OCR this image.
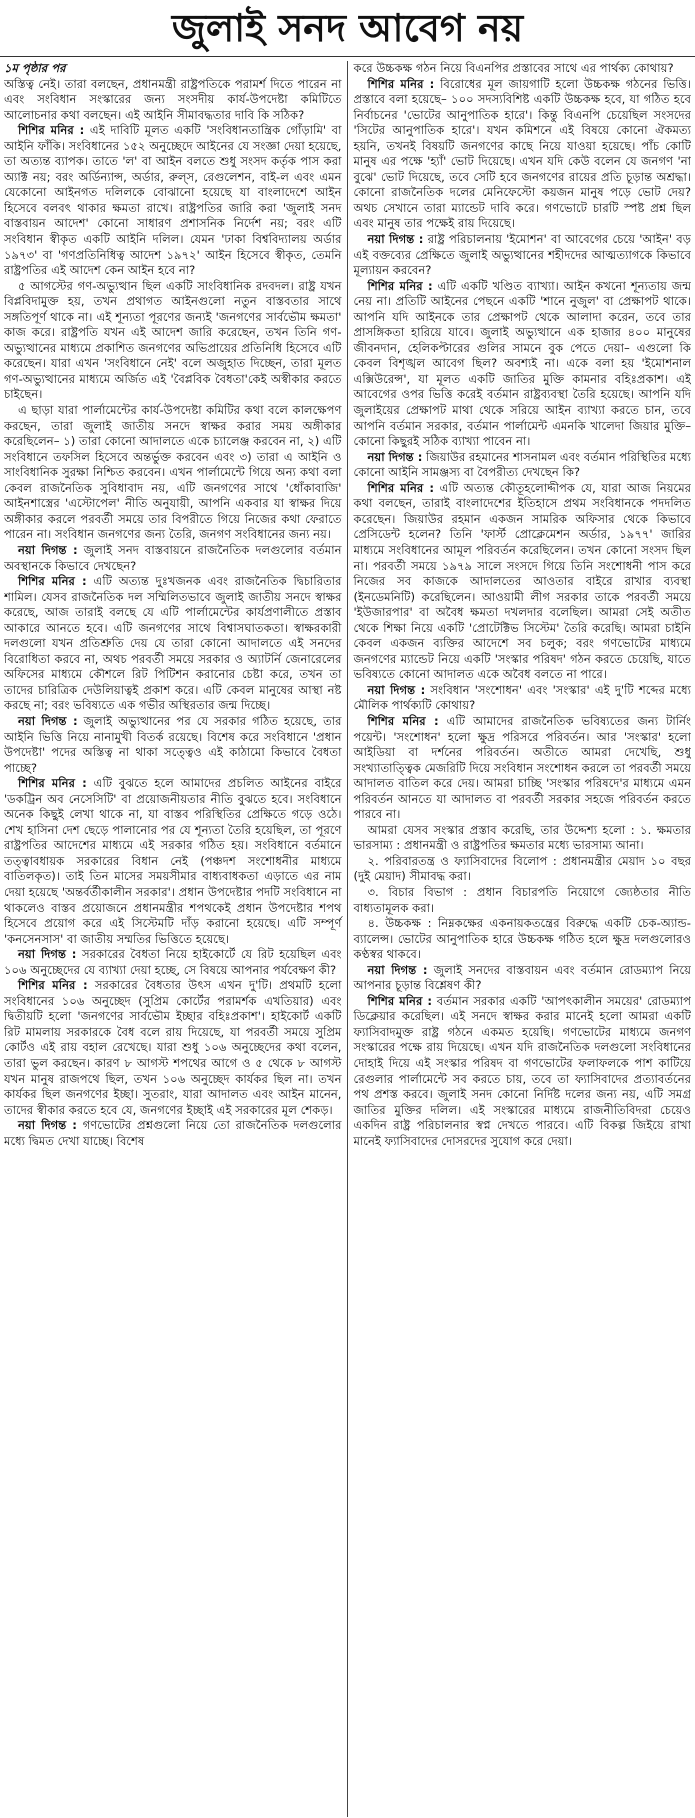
জুলাই সনদ আবেগ নয়
১ম পৃষ্ঠার পর

অস্তিত্ব নেই। তারা বলছেন, প্রধানমন্ত্রী রাষ্ট্রপতিকে পরামর্শ দিতে পারেন না এবং সংবিধান সংস্কারের জন্য সংসদীয় কার্য-উপদেষ্টা কমিটিতে আলোচনার কথা বলছেন। এই আইনি সীমাবদ্ধতার দাবি কি সঠিক?

শিশির মনির : এই দাবিটি মূলত একটি 'সংবিধানতান্ত্রিক গোঁড়ামি' বা আইনি ফাঁকি। সংবিধানের ১৫২ অনুচ্ছেদে আইনের যে সংজ্ঞা দেয়া হয়েছে, তা অত্যন্ত ব্যাপক। তাতে 'ল' বা আইন বলতে শুধু সংসদ কর্তৃক পাস করা অ্যাক্ট নয়; বরং অর্ডিন্যান্স, অর্ডার, রুল্স, রেগুলেশন, বাই-ল এবং এমন যেকোনো আইনগত দলিলকে বোঝানো হয়েছে যা বাংলাদেশে আইন হিসেবে বলবৎ থাকার ক্ষমতা রাখে। রাষ্ট্রপতির জারি করা 'জুলাই সনদ বাস্তবায়ন আদেশ' কোনো সাধারণ প্রশাসনিক নির্দেশ নয়; বরং এটি সংবিধান স্বীকৃত একটি আইনি দলিল। যেমন 'ঢাকা বিশ্ববিদ্যালয় অর্ডার ১৯৭৩' বা 'গণপ্রতিনিধিত্ব আদেশ ১৯৭২' আইন হিসেবে স্বীকৃত, তেমনি রাষ্ট্রপতির এই আদেশ কেন আইন হবে না?

৫ আগস্টের গণ-অভ্যুত্থান ছিল একটি সাংবিধানিক রদবদল। রাষ্ট্র যখন বিপ্লবিদামুক্ত হয়, তখন প্রথাগত আইনগুলো নতুন বাস্তবতার সাথে সঙ্গতিপূর্ণ থাকে না। এই শূন্যতা পূরণের জন্যই 'জনগণের সার্বভৌম ক্ষমতা' কাজ করে। রাষ্ট্রপতি যখন এই আদেশ জারি করেছেন, তখন তিনি গণ-অভ্যুত্থানের মাধ্যমে প্রকাশিত জনগণের অভিপ্রায়ের প্রতিনিধি হিসেবে এটি করেছেন। যারা এখন 'সংবিধানে নেই' বলে অজুহাত দিচ্ছেন, তারা মূলত গণ-অভ্যুত্থানের মাধ্যমে অর্জিত এই 'বৈপ্লবিক বৈধতা'কেই অস্বীকার করতে চাইছেন।

এ ছাড়া যারা পার্লামেন্টের কার্য-উপদেষ্টা কমিটির কথা বলে কালক্ষেপণ করছেন, তারা জুলাই জাতীয় সনদে স্বাক্ষর করার সময় অঙ্গীকার করেছিলেন– ১) তারা কোনো আদালতে একে চ্যালেঞ্জ করবেন না, ২) এটি সংবিধানে তফসিল হিসেবে অন্তর্ভুক্ত করবেন এবং ৩) তারা এ আইনি ও সাংবিধানিক সুরক্ষা নিশ্চিত করবেন। এখন পার্লামেন্টে গিয়ে অন্য কথা বলা কেবল রাজনৈতিক সুবিধাবাদ নয়, এটি জনগণের সাথে 'ধোঁকাবাজি' আইনশাস্ত্রের 'এস্টোপেল' নীতি অনুযায়ী, আপনি একবার যা স্বাক্ষর দিয়ে অঙ্গীকার করলে পরবর্তী সময়ে তার বিপরীতে গিয়ে নিজের কথা ফেরাতে পারেন না। সংবিধান জনগণের জন্য তৈরি, জনগণ সংবিধানের জন্য নয়।

নয়া দিগন্ত : জুলাই সনদ বাস্তবায়নে রাজনৈতিক দলগুলোর বর্তমান অবস্থানকে কিভাবে দেখছেন?

শিশির মনির : এটি অত্যন্ত দুঃখজনক এবং রাজনৈতিক দ্বিচারিতার শামিল। যেসব রাজনৈতিক দল সম্মিলিতভাবে জুলাই জাতীয় সনদে স্বাক্ষর করেছে, আজ তারাই বলছে যে এটি পার্লামেন্টের কার্যপ্রণালীতে প্রস্তাব আকারে আনতে হবে। এটি জনগণের সাথে বিশ্বাসঘাতকতা। স্বাক্ষরকারী দলগুলো যখন প্রতিশ্রুতি দেয় যে তারা কোনো আদালতে এই সনদের বিরোধিতা করবে না, অথচ পরবর্তী সময়ে সরকার ও অ্যাটর্নি জেনারেলের অফিসের মাধ্যমে কৌশলে রিট পিটিশন করানোর চেষ্টা করে, তখন তা তাদের চারিত্রিক দেউলিয়াত্বই প্রকাশ করে। এটি কেবল মানুষের আস্থা নষ্ট করছে না; বরং ভবিষ্যতে এক গভীর অস্থিরতার জন্ম দিচ্ছে।

নয়া দিগন্ত : জুলাই অভ্যুত্থানের পর যে সরকার গঠিত হয়েছে, তার আইনি ভিত্তি নিয়ে নানামুখী বিতর্ক রয়েছে। বিশেষ করে সংবিধানে 'প্রধান উপদেষ্টা' পদের অস্তিত্ব না থাকা সত্ত্বেও এই কাঠামো কিভাবে বৈধতা পাচ্ছে?

শিশির মনির : এটি বুঝতে হলে আমাদের প্রচলিত আইনের বাইরে 'ডকট্রিন অব নেসেসিটি' বা প্রয়োজনীয়তার নীতি বুঝতে হবে। সংবিধানে অনেক কিছুই লেখা থাকে না, যা বাস্তব পরিস্থিতির প্রেক্ষিতে গড়ে ওঠে। শেখ হাসিনা দেশ ছেড়ে পালানোর পর যে শূন্যতা তৈরি হয়েছিল, তা পূরণে রাষ্ট্রপতির আদেশের মাধ্যমে এই সরকার গঠিত হয়। সংবিধানে বর্তমানে তত্ত্বাবধায়ক সরকারের বিধান নেই (পঞ্চদশ সংশোধনীর মাধ্যমে বাতিলকৃত)। তাই তিন মাসের সময়সীমার বাধ্যবাধকতা এড়াতে এর নাম দেয়া হয়েছে 'অন্তর্বর্তীকালীন সরকার'। প্রধান উপদেষ্টার পদটি সংবিধানে না থাকলেও বাস্তব প্রয়োজনে প্রধানমন্ত্রীর শপথকেই প্রধান উপদেষ্টার শপথ হিসেবে প্রয়োগ করে এই সিস্টেমটি দাঁড় করানো হয়েছে। এটি সম্পূর্ণ 'কনসেনসাস' বা জাতীয় সম্মতির ভিত্তিতে হয়েছে।

নয়া দিগন্ত : সরকারের বৈধতা নিয়ে হাইকোর্টে যে রিট হয়েছিল এবং ১০৬ অনুচ্ছেদের যে ব্যাখ্যা দেয়া হচ্ছে, সে বিষয়ে আপনার পর্যবেক্ষণ কী?

শিশির মনির : সরকারের বৈধতার উৎস এখন দু'টি। প্রথমটি হলো সংবিধানের ১০৬ অনুচ্ছেদ (সুপ্রিম কোর্টের পরামর্শক এখতিয়ার) এবং দ্বিতীয়টি হলো 'জনগণের সার্বভৌম ইচ্ছার বহিঃপ্রকাশ'। হাইকোর্ট একটি রিট মামলায় সরকারকে বৈধ বলে রায় দিয়েছে, যা পরবর্তী সময়ে সুপ্রিম কোর্টও এই রায় বহাল রেখেছে। যারা শুধু ১০৬ অনুচ্ছেদের কথা বলেন, তারা ভুল করছেন। কারণ ৮ আগস্ট শপথের আগে ও ৫ থেকে ৮ আগস্ট যখন মানুষ রাজপথে ছিল, তখন ১০৬ অনুচ্ছেদ কার্যকর ছিল না। তখন কার্যকর ছিল জনগণের ইচ্ছা। সুতরাং, যারা আদালত এবং আইন মানেন, তাদের স্বীকার করতে হবে যে, জনগণের ইচ্ছাই এই সরকারের মূল শেকড়।

নয়া দিগন্ত : গণভোটের প্রশ্নগুলো নিয়ে তো রাজনৈতিক দলগুলোর মধ্যে দ্বিমত দেখা যাচ্ছে। বিশেষ

করে উচ্চকক্ষ গঠন নিয়ে বিএনপির প্রস্তাবের সাথে এর পার্থক্য কোথায়?

শিশির মনির : বিরোধের মূল জায়গাটি হলো উচ্চকক্ষ গঠনের ভিত্তি। প্রস্তাবে বলা হয়েছে– ১০০ সদস্যবিশিষ্ট একটি উচ্চকক্ষ হবে, যা গঠিত হবে নির্বাচনের 'ভোটের আনুপাতিক হারে'। কিন্তু বিএনপি চেয়েছিল সংসদের 'সিটের আনুপাতিক হারে'। যখন কমিশনে এই বিষয়ে কোনো ঐকমত্য হয়নি, তখনই বিষয়টি জনগণের কাছে নিয়ে যাওয়া হয়েছে। পাঁচ কোটি মানুষ এর পক্ষে 'হ্যাঁ' ভোট দিয়েছে। এখন যদি কেউ বলেন যে জনগণ 'না বুঝে' ভোট দিয়েছে, তবে সেটি হবে জনগণের রায়ের প্রতি চূড়ান্ত অশ্রদ্ধা। কোনো রাজনৈতিক দলের মেনিফেস্টো কয়জন মানুষ পড়ে ভোট দেয়? অথচ সেখানে তারা ম্যান্ডেট দাবি করে। গণভোটে চারটি স্পষ্ট প্রশ্ন ছিল এবং মানুষ তার পক্ষেই রায় দিয়েছে।

নয়া দিগন্ত : রাষ্ট্র পরিচালনায় 'ইমোশন' বা আবেগের চেয়ে 'আইন' বড় এই বক্তব্যের প্রেক্ষিতে জুলাই অভ্যুত্থানের শহীদদের আত্মত্যাগকে কিভাবে মূল্যায়ন করবেন?

শিশির মনির : এটি একটি খণ্ডিত ব্যাখ্যা। আইন কখনো শূন্যতায় জন্ম নেয় না। প্রতিটি আইনের পেছনে একটি 'শানে নুজুল' বা প্রেক্ষাপট থাকে। আপনি যদি আইনকে তার প্রেক্ষাপট থেকে আলাদা করেন, তবে তার প্রাসঙ্গিকতা হারিয়ে যাবে। জুলাই অভ্যুত্থানে এক হাজার ৪০০ মানুষের জীবনদান, হেলিকপ্টারের গুলির সামনে বুক পেতে দেয়া– এগুলো কি কেবল বিশৃঙ্খল আবেগ ছিল? অবশ্যই না। একে বলা হয় 'ইমোশনাল এক্সিউরেন্স', যা মূলত একটি জাতির মুক্তি কামনার বহিঃপ্রকাশ। এই আবেগের ওপর ভিত্তি করেই বর্তমান রাষ্ট্রব্যবস্থা তৈরি হয়েছে। আপনি যদি জুলাইয়ের প্রেক্ষাপট মাথা থেকে সরিয়ে আইন ব্যাখ্যা করতে চান, তবে আপনি বর্তমান সরকার, বর্তমান পার্লামেন্ট এমনকি খালেদা জিয়ার মুক্তি– কোনো কিছুরই সঠিক ব্যাখ্যা পাবেন না।

নয়া দিগন্ত : জিয়াউর রহমানের শাসনামল এবং বর্তমান পরিস্থিতির মধ্যে কোনো আইনি সামঞ্জস্য বা বৈপরীত্য দেখছেন কি?

শিশির মনির : এটি অত্যন্ত কৌতূহলোদ্দীপক যে, যারা আজ নিয়মের কথা বলছেন, তারাই বাংলাদেশের ইতিহাসে প্রথম সংবিধানকে পদদলিত করেছেন। জিয়াউর রহমান একজন সামরিক অফিসার থেকে কিভাবে প্রেসিডেন্ট হলেন? তিনি 'ফার্স্ট প্রোক্লেমেশন অর্ডার, ১৯৭৭' জারির মাধ্যমে সংবিধানের আমূল পরিবর্তন করেছিলেন। তখন কোনো সংসদ ছিল না। পরবর্তী সময়ে ১৯৭৯ সালে সংসদে গিয়ে তিনি সংশোধনী পাস করে নিজের সব কাজকে আদালতের আওতার বাইরে রাখার ব্যবস্থা (ইনডেমনিটি) করেছিলেন। আওয়ামী লীগ সরকার তাকে পরবর্তী সময়ে 'ইউজারপার' বা অবৈধ ক্ষমতা দখলদার বলেছিল। আমরা সেই অতীত থেকে শিক্ষা নিয়ে একটি 'প্রোটেক্টিভ সিস্টেম' তৈরি করেছি। আমরা চাইনি কেবল একজন ব্যক্তির আদেশে সব চলুক; বরং গণভোটের মাধ্যমে জনগণের ম্যান্ডেট নিয়ে একটি 'সংস্কার পরিষদ' গঠন করতে চেয়েছি, যাতে ভবিষ্যতে কোনো আদালত একে অবৈধ বলতে না পারে।

নয়া দিগন্ত : সংবিধান 'সংশোধন' এবং 'সংস্কার' এই দু'টি শব্দের মধ্যে মৌলিক পার্থক্যটি কোথায়?

শিশির মনির : এটি আমাদের রাজনৈতিক ভবিষ্যতের জন্য টার্নিং পয়েন্ট। 'সংশোধন' হলো ক্ষুদ্র পরিসরে পরিবর্তন। আর 'সংস্কার' হলো আইডিয়া বা দর্শনের পরিবর্তন। অতীতে আমরা দেখেছি, শুধু সংখ্যাতাত্ত্বিক মেজরিটি দিয়ে সংবিধান সংশোধন করলে তা পরবর্তী সময়ে আদালত বাতিল করে দেয়। আমরা চাচ্ছি 'সংস্কার পরিষদে'র মাধ্যমে এমন পরিবর্তন আনতে যা আদালত বা পরবর্তী সরকার সহজে পরিবর্তন করতে পারবে না।

আমরা যেসব সংস্কার প্রস্তাব করেছি, তার উদ্দেশ্য হলো : ১. ক্ষমতার ভারসাম্য : প্রধানমন্ত্রী ও রাষ্ট্রপতির ক্ষমতার মধ্যে ভারসাম্য আনা।

২. পরিবারতন্ত্র ও ফ্যাসিবাদের বিলোপ : প্রধানমন্ত্রীর মেয়াদ ১০ বছর (দুই মেয়াদ) সীমাবদ্ধ করা।

৩. বিচার বিভাগ : প্রধান বিচারপতি নিয়োগে জ্যেষ্ঠতার নীতি বাধ্যতামূলক করা।

৪. উচ্চকক্ষ : নিম্নকক্ষের একনায়কতন্ত্রের বিরুদ্ধে একটি চেক-অ্যান্ড-ব্যালেন্স। ভোটের আনুপাতিক হারে উচ্চকক্ষ গঠিত হলে ক্ষুদ্র দলগুলোরও কণ্ঠস্বর থাকবে।

নয়া দিগন্ত : জুলাই সনদের বাস্তবায়ন এবং বর্তমান রোডম্যাপ নিয়ে আপনার চূড়ান্ত বিশ্লেষণ কী?

শিশির মনির : বর্তমান সরকার একটি 'আপৎকালীন সময়ের' রোডম্যাপ ডিক্লেয়ার করেছিল। এই সনদে স্বাক্ষর করার মানেই হলো আমরা একটি ফ্যাসিবাদমুক্ত রাষ্ট্র গঠনে একমত হয়েছি। গণভোটের মাধ্যমে জনগণ সংস্কারের পক্ষে রায় দিয়েছে। এখন যদি রাজনৈতিক দলগুলো সংবিধানের দোহাই দিয়ে এই সংস্কার পরিষদ বা গণভোটের ফলাফলকে পাশ কাটিয়ে রেগুলার পার্লামেন্টে সব করতে চায়, তবে তা ফ্যাসিবাদের প্রত্যাবর্তনের পথ প্রশস্ত করবে। জুলাই সনদ কোনো নির্দিষ্ট দলের জন্য নয়, এটি সমগ্র জাতির মুক্তির দলিল। এই সংস্কারের মাধ্যমে রাজনীতিবিদরা চেয়েও একদিন রাষ্ট্র পরিচালনার স্বপ্ন দেখতে পারবে। এটি বিকল্প জিইয়ে রাখা মানেই ফ্যাসিবাদের দোসরদের সুযোগ করে দেয়া।
